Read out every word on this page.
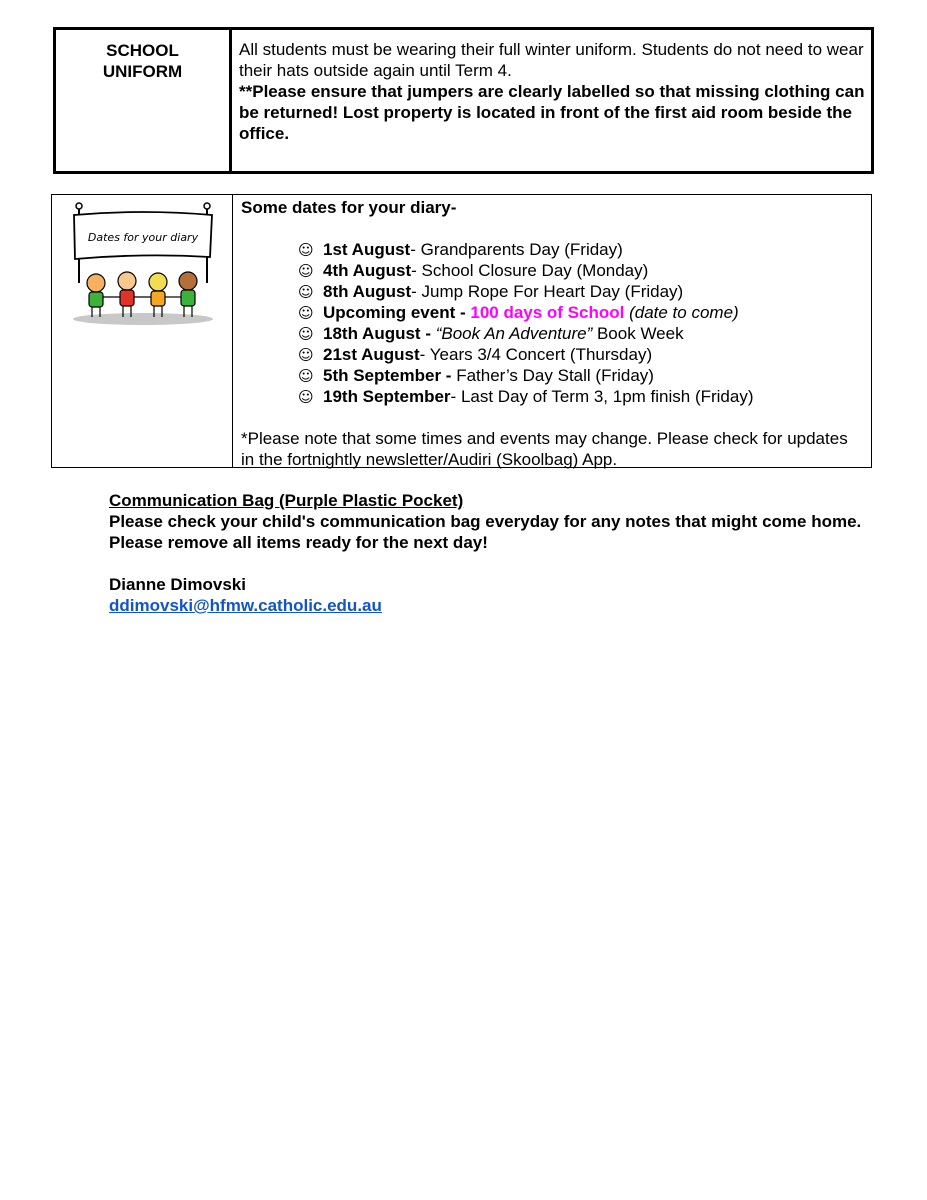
SCHOOL
UNIFORM
All students must be wearing their full winter uniform. Students do not need to wear their hats outside again until Term 4.
**Please ensure that jumpers are clearly labelled so that missing clothing can be returned! Lost property is located in front of the first aid room beside the office.
Dates for your diary
Some dates for your diary-
☺ 1st August- Grandparents Day (Friday)
☺ 4th August- School Closure Day (Monday)
☺ 8th August- Jump Rope For Heart Day (Friday)
☺ Upcoming event - 100 days of School (date to come)
☺ 18th August - “Book An Adventure” Book Week
☺ 21st August- Years 3/4 Concert (Thursday)
☺ 5th September - Father’s Day Stall (Friday)
☺ 19th September- Last Day of Term 3, 1pm finish (Friday)
*Please note that some times and events may change. Please check for updates in the fortnightly newsletter/Audiri (Skoolbag) App.
Communication Bag (Purple Plastic Pocket)
Please check your child's communication bag everyday for any notes that might come home. Please remove all items ready for the next day!
Dianne Dimovski
ddimovski@hfmw.catholic.edu.au
